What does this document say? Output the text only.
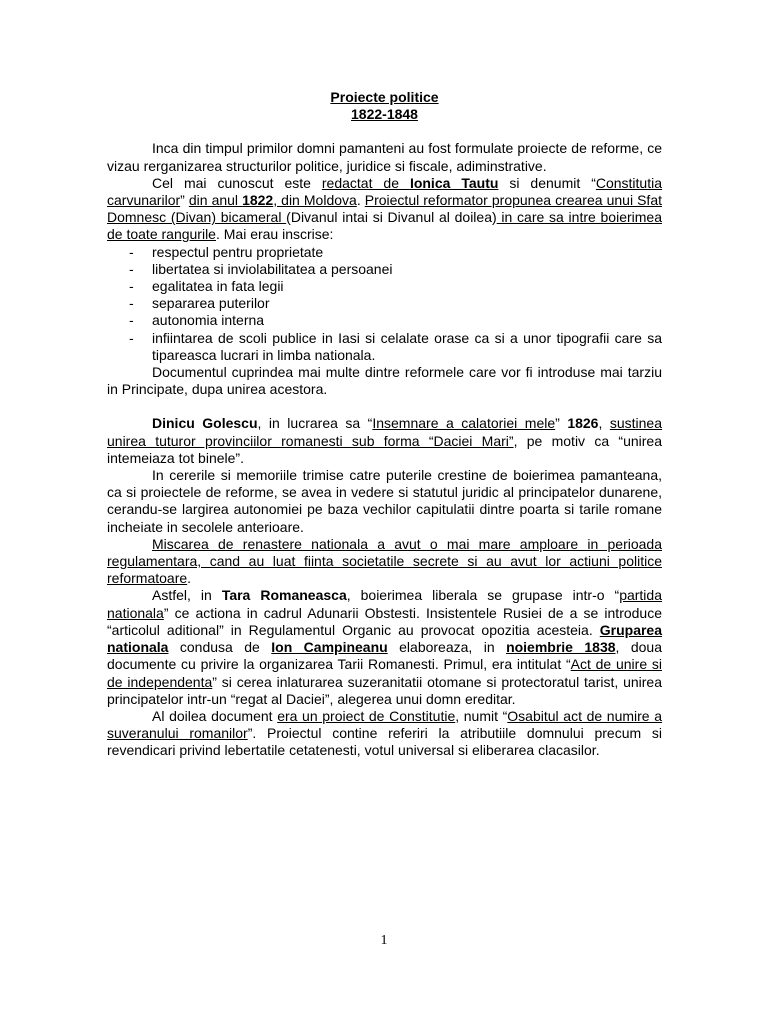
Proiecte politice
1822-1848

Inca din timpul primilor domni pamanteni au fost formulate proiecte de reforme, ce vizau rerganizarea structurilor politice, juridice si fiscale, adiminstrative.

Cel mai cunoscut este redactat de Ionica Tautu si denumit “Constitutia carvunarilor” din anul 1822, din Moldova. Proiectul reformator propunea crearea unui Sfat Domnesc (Divan) bicameral (Divanul intai si Divanul al doilea) in care sa intre boierimea de toate rangurile. Mai erau inscrise:

- respectul pentru proprietate
- libertatea si inviolabilitatea a persoanei
- egalitatea in fata legii
- separarea puterilor
- autonomia interna
- infiintarea de scoli publice in Iasi si celalate orase ca si a unor tipografii care sa tipareasca lucrari in limba nationala.

Documentul cuprindea mai multe dintre reformele care vor fi introduse mai tarziu in Principate, dupa unirea acestora.

Dinicu Golescu, in lucrarea sa “Insemnare a calatoriei mele” 1826, sustinea unirea tuturor provinciilor romanesti sub forma “Daciei Mari”, pe motiv ca “unirea intemeiaza tot binele”.

In cererile si memoriile trimise catre puterile crestine de boierimea pamanteana, ca si proiectele de reforme, se avea in vedere si statutul juridic al principatelor dunarene, cerandu-se largirea autonomiei pe baza vechilor capitulatii dintre poarta si tarile romane incheiate in secolele anterioare.

Miscarea de renastere nationala a avut o mai mare amploare in perioada regulamentara, cand au luat fiinta societatile secrete si au avut lor actiuni politice reformatoare.

Astfel, in Tara Romaneasca, boierimea liberala se grupase intr-o “partida nationala” ce actiona in cadrul Adunarii Obstesti. Insistentele Rusiei de a se introduce “articolul aditional” in Regulamentul Organic au provocat opozitia acesteia. Gruparea nationala condusa de Ion Campineanu elaboreaza, in noiembrie 1838, doua documente cu privire la organizarea Tarii Romanesti. Primul, era intitulat “Act de unire si de independenta” si cerea inlaturarea suzeranitatii otomane si protectoratul tarist, unirea principatelor intr-un “regat al Daciei”, alegerea unui domn ereditar.

Al doilea document era un proiect de Constitutie, numit “Osabitul act de numire a suveranului romanilor”. Proiectul contine referiri la atributiile domnului precum si revendicari privind lebertatile cetatenesti, votul universal si eliberarea clacasilor.

1
